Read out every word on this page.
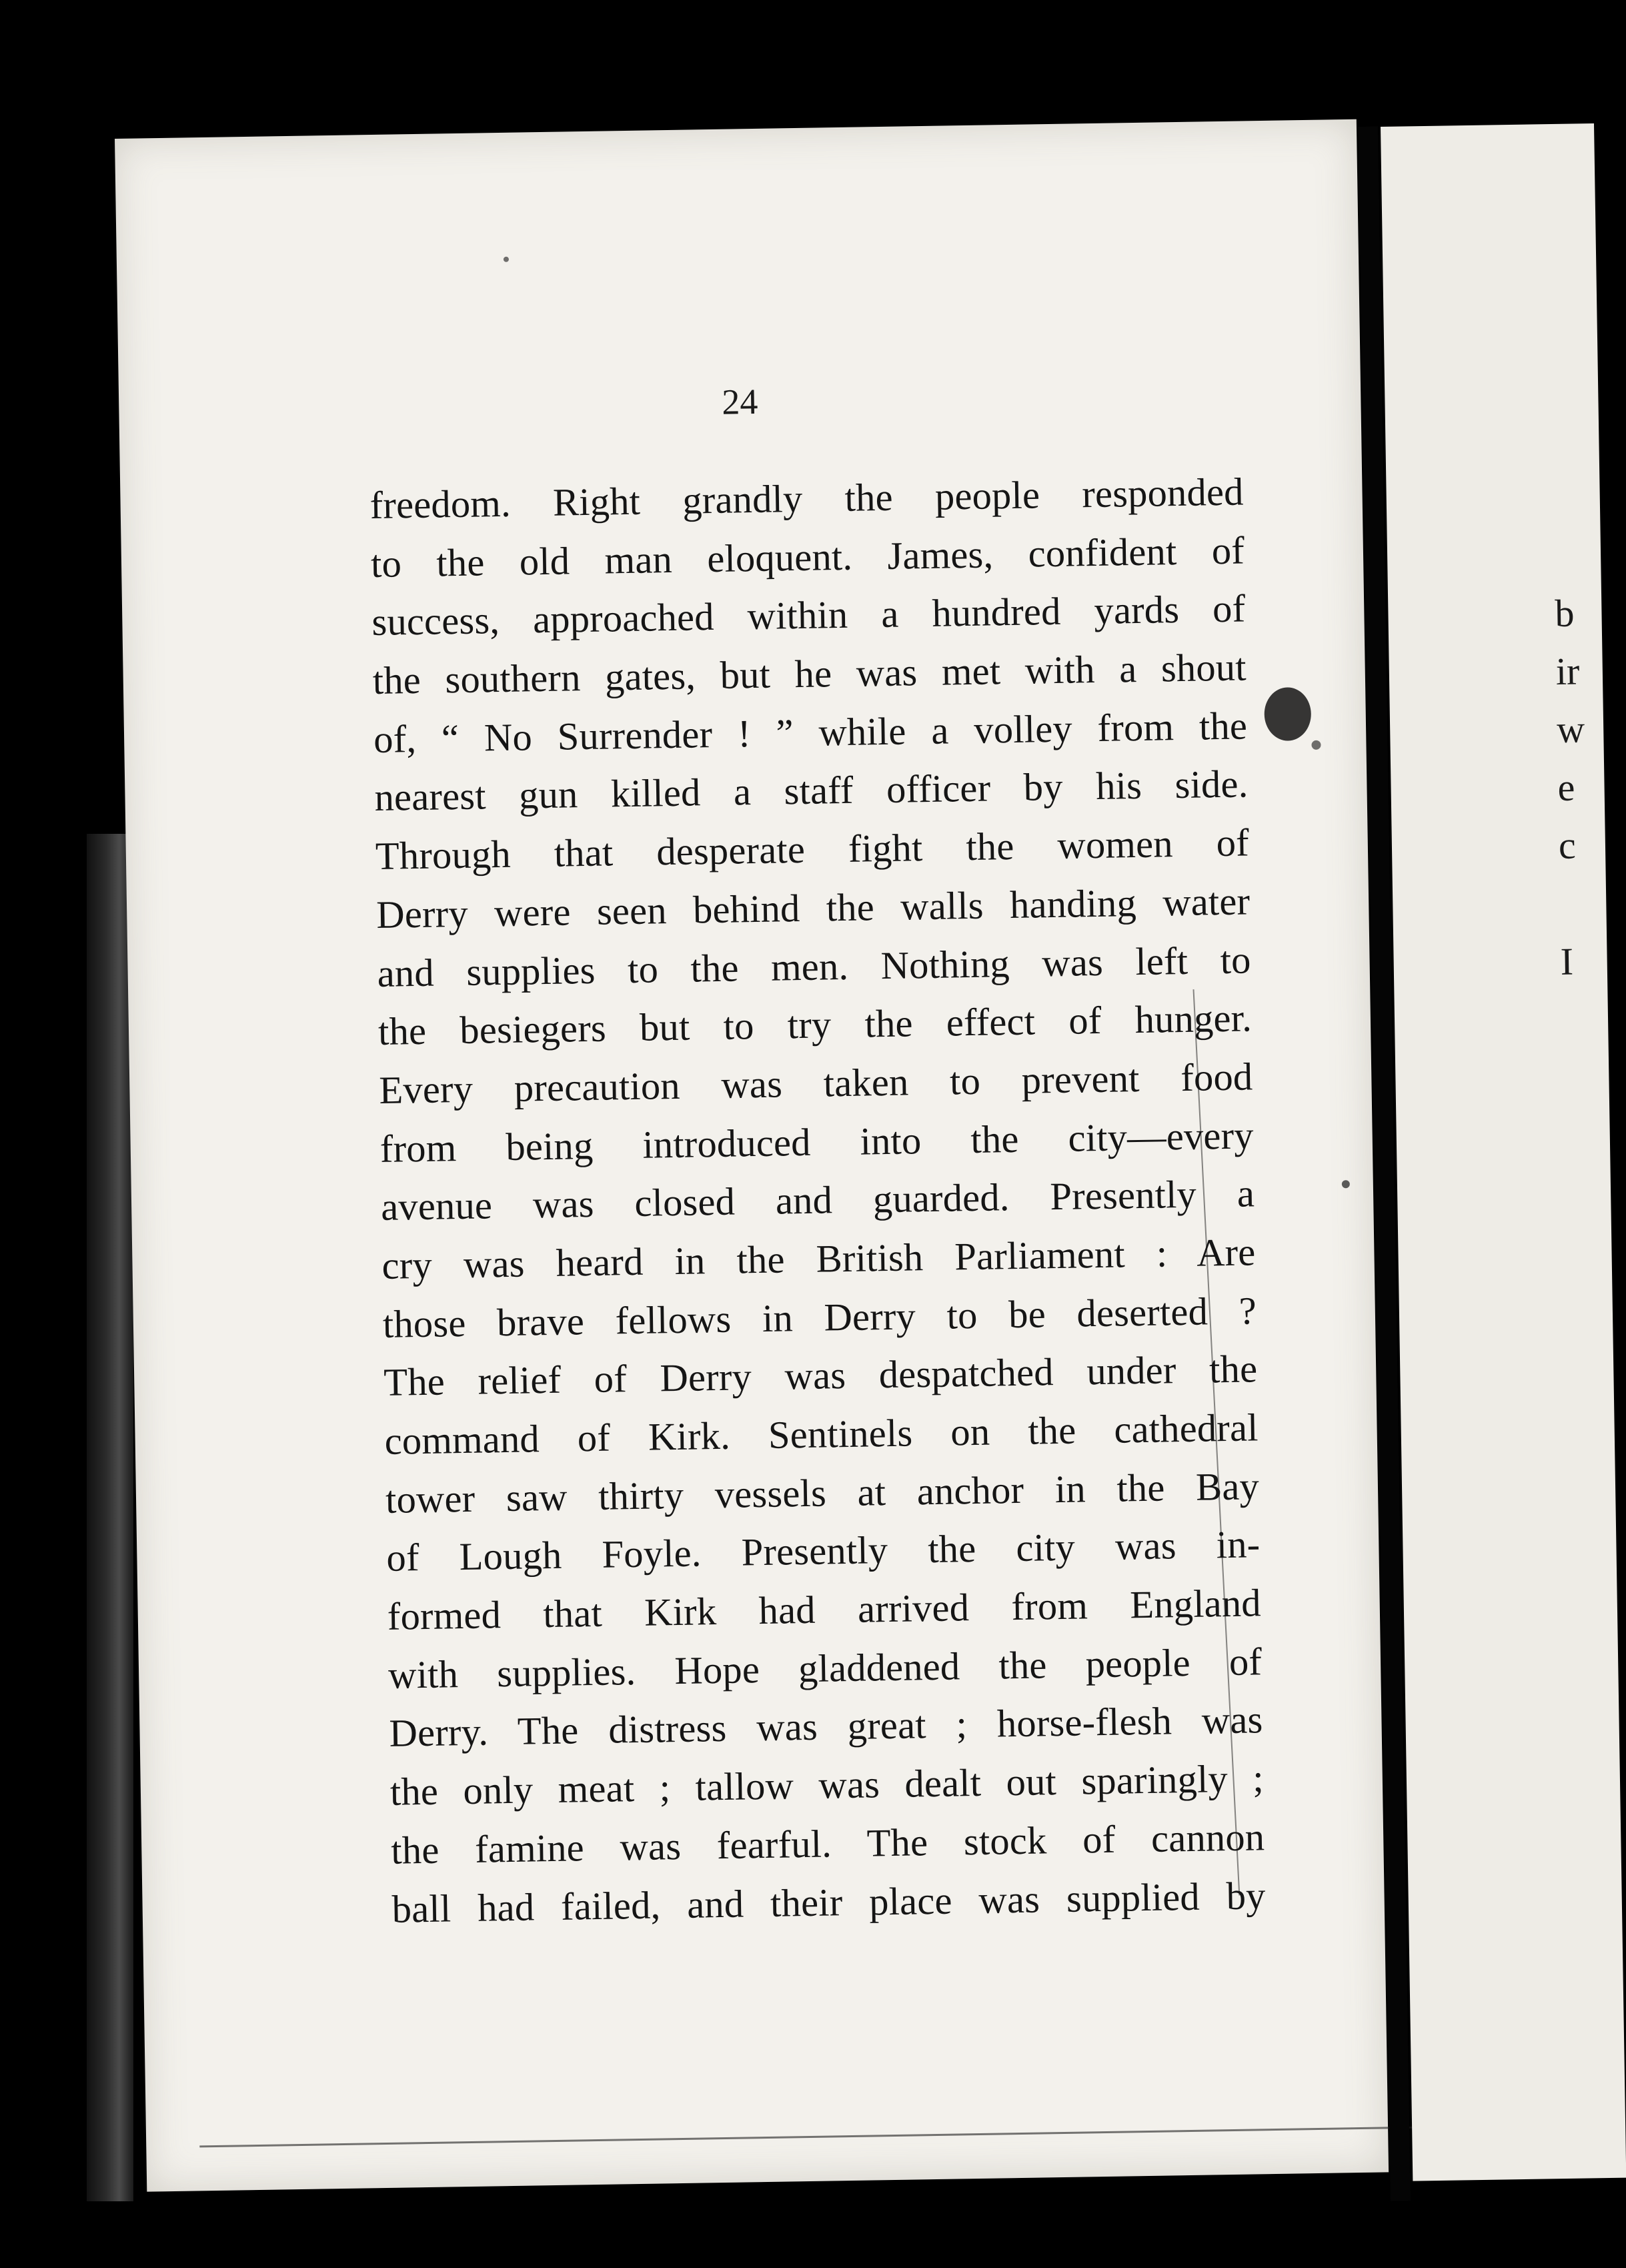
24
freedom. Right grandly the people responded
to the old man eloquent. James, confident of
success, approached within a hundred yards of
the southern gates, but he was met with a shout
of, “ No Surrender ! ” while a volley from the
nearest gun killed a staff officer by his side.
Through that desperate fight the women of
Derry were seen behind the walls handing water
and supplies to the men. Nothing was left to
the besiegers but to try the effect of hunger.
Every precaution was taken to prevent food
from being introduced into the city—every
avenue was closed and guarded. Presently a
cry was heard in the British Parliament : Are
those brave fellows in Derry to be deserted ?
The relief of Derry was despatched under the
command of Kirk. Sentinels on the cathedral
tower saw thirty vessels at anchor in the Bay
of Lough Foyle. Presently the city was in-
formed that Kirk had arrived from England
with supplies. Hope gladdened the people of
Derry. The distress was great ; horse-flesh was
the only meat ; tallow was dealt out sparingly ;
the famine was fearful. The stock of cannon
ball had failed, and their place was supplied by
b
ir
w
e
c

I
